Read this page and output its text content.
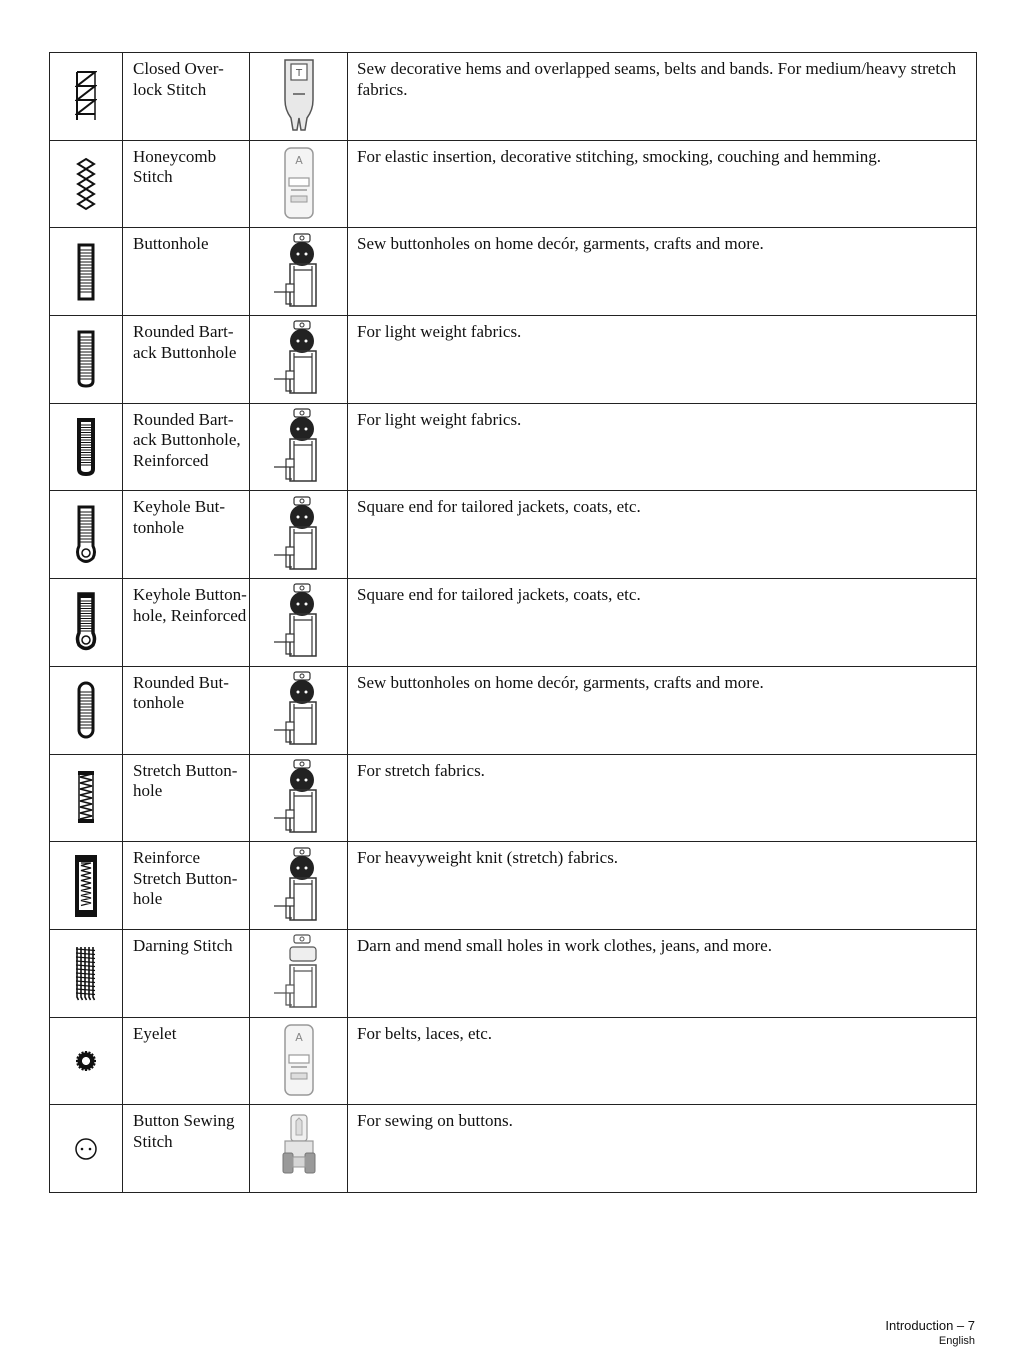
Closed Over-
lock Stitch	T	Sew decorative hems and overlapped seams, belts and bands. For medium/heavy stretch fabrics.

Honeycomb
Stitch	A	For elastic insertion, decorative stitching, smocking, couching and hemming.

Buttonhole		Sew buttonholes on home decór, garments, crafts and more.

Rounded Bart-
ack Buttonhole		For light weight fabrics.

Rounded Bart-
ack Buttonhole,
Reinforced		For light weight fabrics.

Keyhole But-
tonhole		Square end for tailored jackets, coats, etc.

Keyhole Button-
hole, Reinforced		Square end for tailored jackets, coats, etc.

Rounded But-
tonhole		Sew buttonholes on home decór, garments, crafts and more.

Stretch Button-
hole		For stretch fabrics.

Reinforce
Stretch Button-
hole		For heavyweight knit (stretch) fabrics.

Darning Stitch		Darn and mend small holes in work clothes, jeans, and more.

Eyelet	A	For belts, laces, etc.

Button Sewing
Stitch		For sewing on buttons.
Introduction – 7
English
